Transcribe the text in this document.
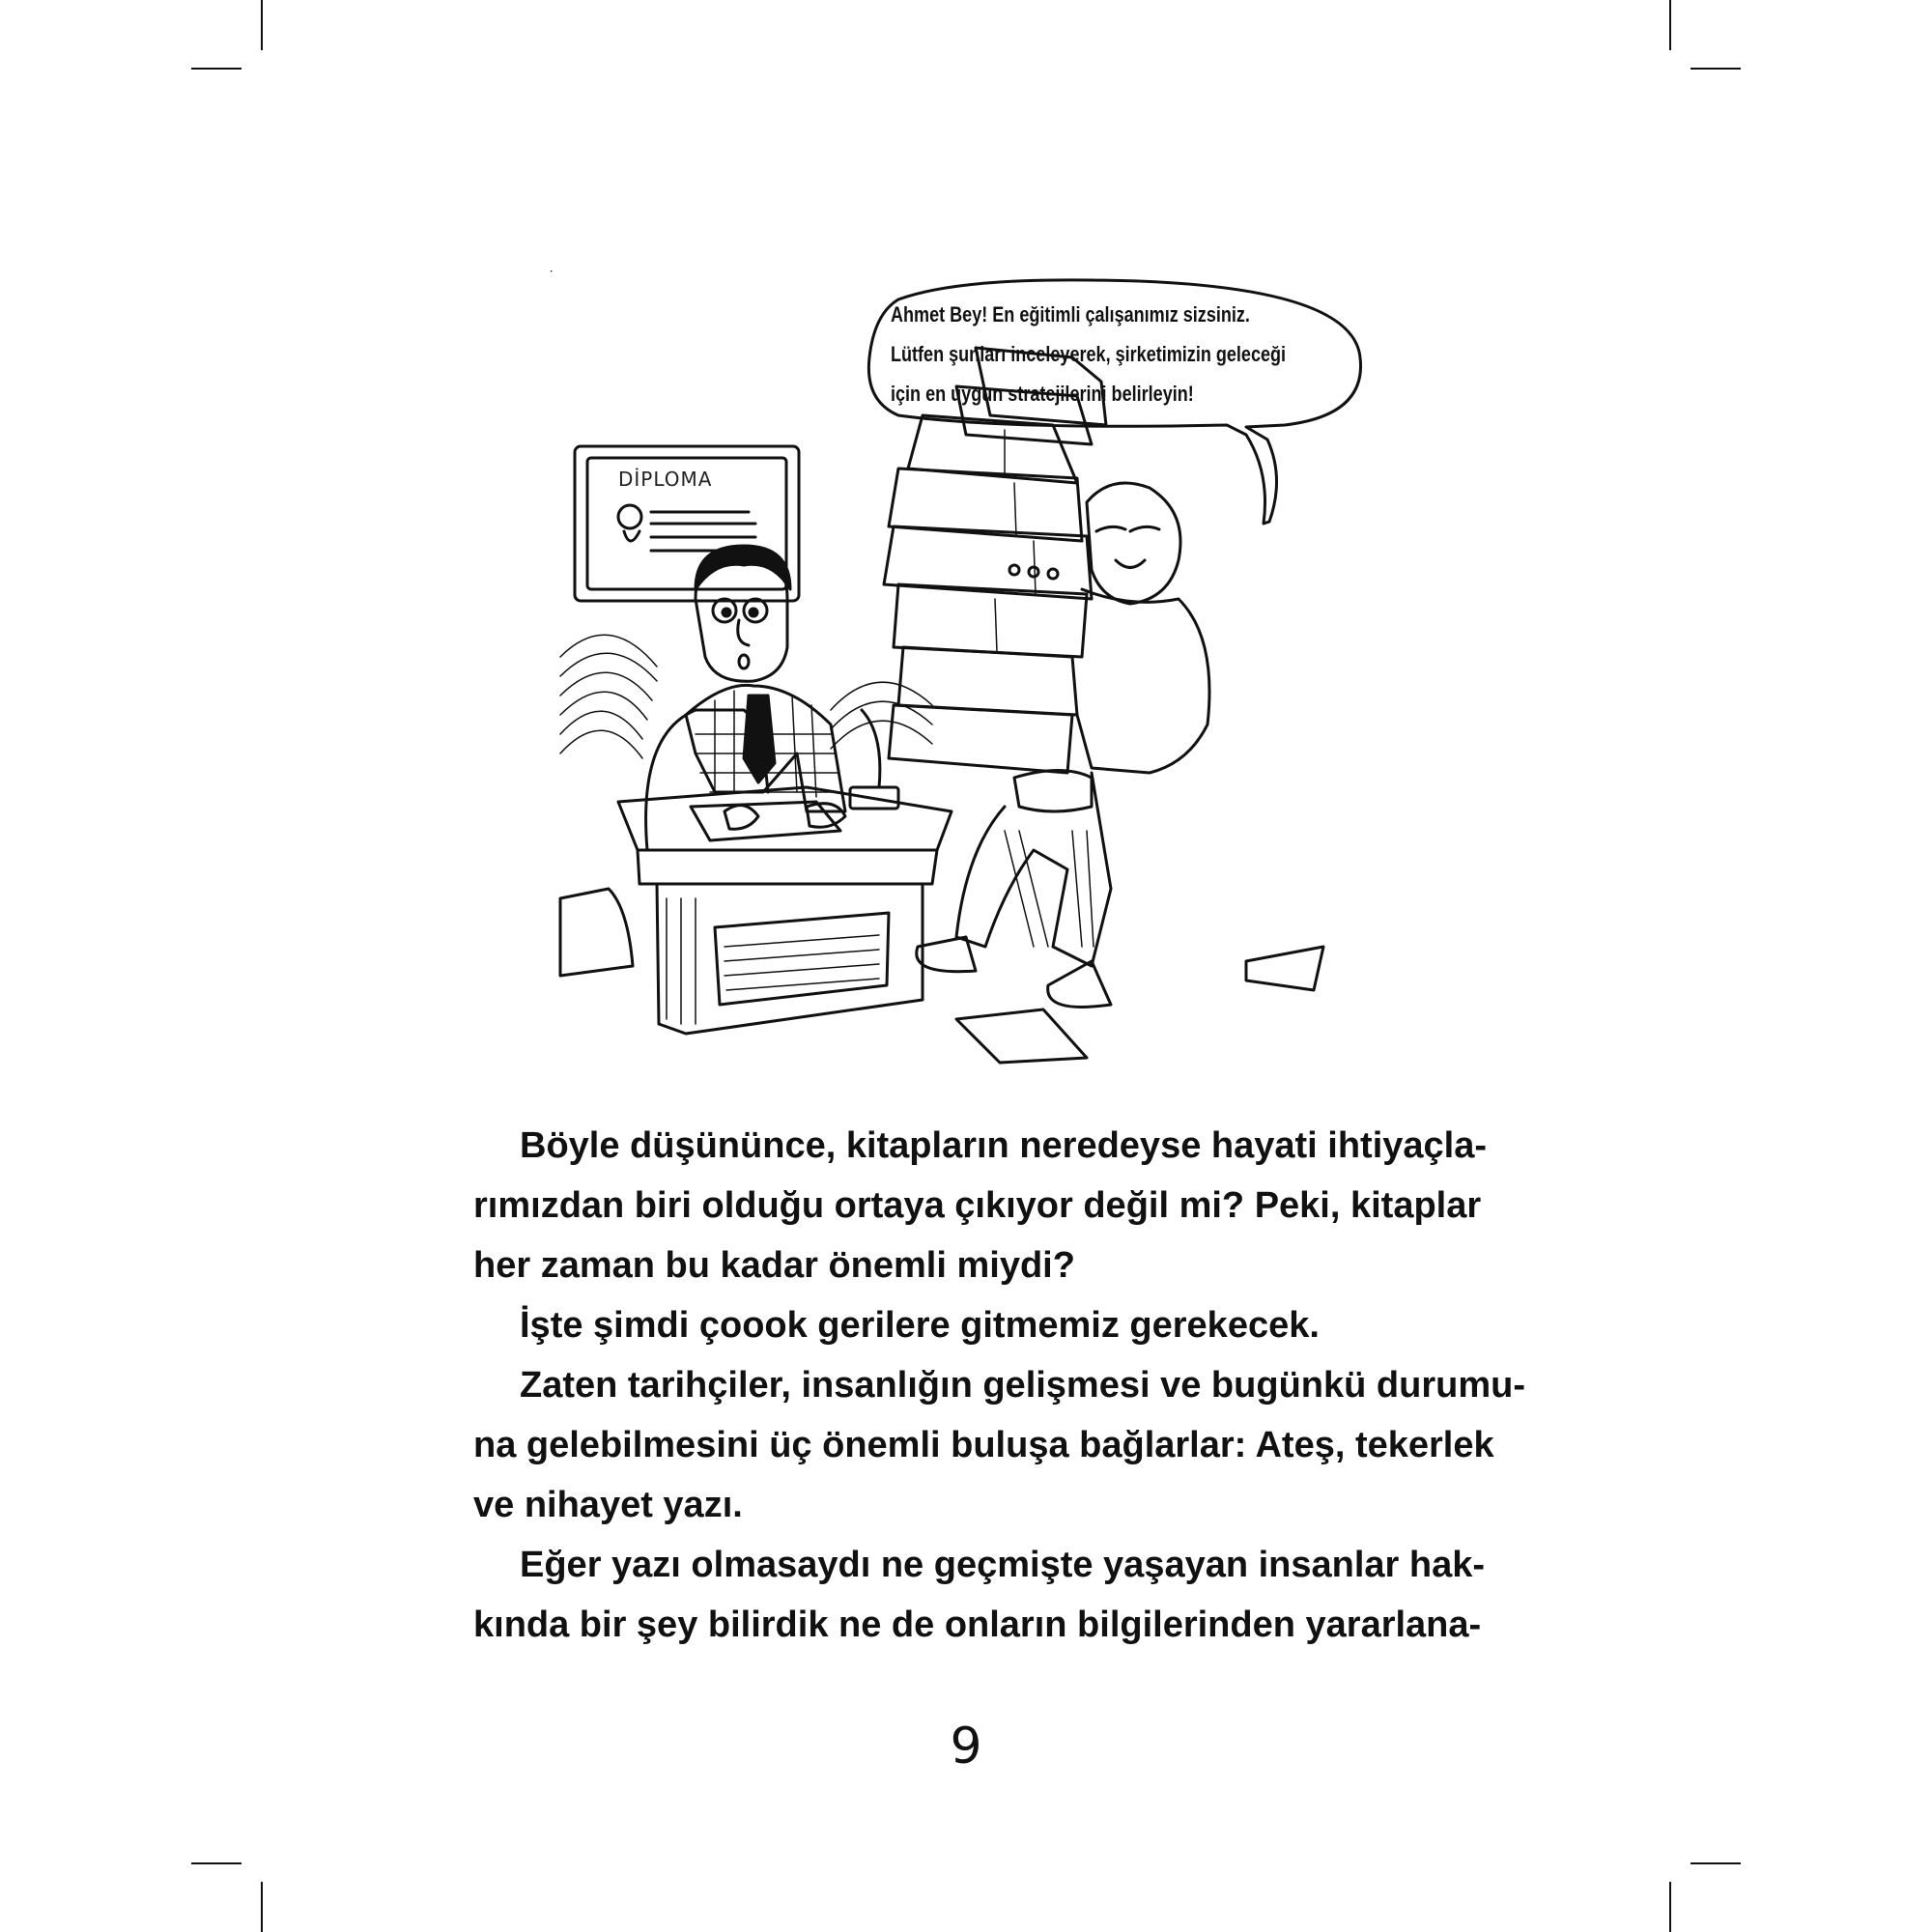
DİPLOMA
Ahmet Bey! En eğitimli çalışanımız sizsiniz.
Lütfen şunları inceleyerek, şirketimizin geleceği
için en uygun stratejilerini belirleyin!
Böyle düşününce, kitapların neredeyse hayati ihtiyaçla-
rımızdan biri olduğu ortaya çıkıyor değil mi? Peki, kitaplar
her zaman bu kadar önemli miydi?
İşte şimdi çoook gerilere gitmemiz gerekecek.
Zaten tarihçiler, insanlığın gelişmesi ve bugünkü durumu-
na gelebilmesini üç önemli buluşa bağlarlar: Ateş, tekerlek
ve nihayet yazı.
Eğer yazı olmasaydı ne geçmişte yaşayan insanlar hak-
kında bir şey bilirdik ne de onların bilgilerinden yararlana-
9
